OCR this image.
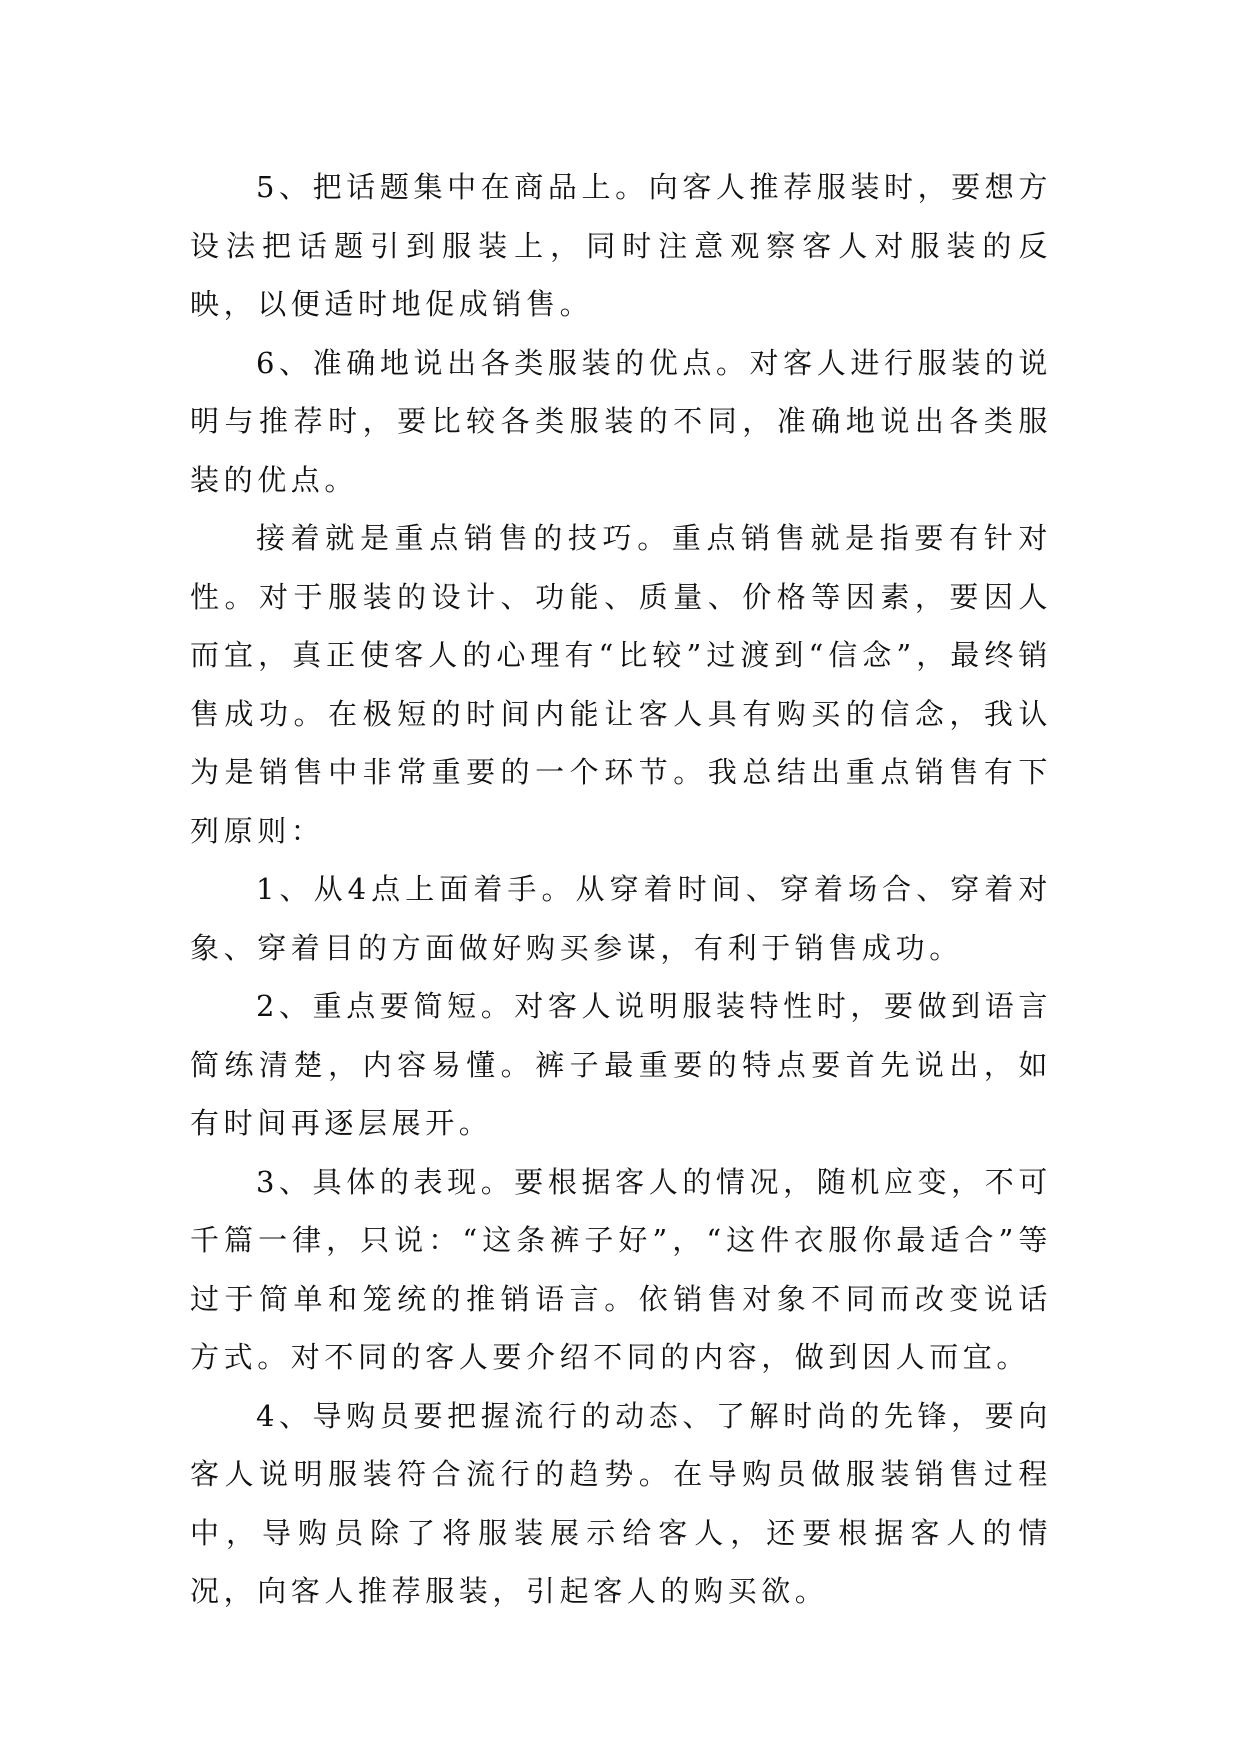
5、把话题集中在商品上。向客人推荐服装时，要想方设法把话题引到服装上，同时注意观察客人对服装的反映，以便适时地促成销售。

6、准确地说出各类服装的优点。对客人进行服装的说明与推荐时，要比较各类服装的不同，准确地说出各类服装的优点。

接着就是重点销售的技巧。重点销售就是指要有针对性。对于服装的设计、功能、质量、价格等因素，要因人而宜，真正使客人的心理有“比较”过渡到“信念”，最终销售成功。在极短的时间内能让客人具有购买的信念，我认为是销售中非常重要的一个环节。我总结出重点销售有下列原则：

1、从4点上面着手。从穿着时间、穿着场合、穿着对象、穿着目的方面做好购买参谋，有利于销售成功。

2、重点要简短。对客人说明服装特性时，要做到语言简练清楚，内容易懂。裤子最重要的特点要首先说出，如有时间再逐层展开。

3、具体的表现。要根据客人的情况，随机应变，不可千篇一律，只说：“这条裤子好”，“这件衣服你最适合”等过于简单和笼统的推销语言。依销售对象不同而改变说话方式。对不同的客人要介绍不同的内容，做到因人而宜。

4、导购员要把握流行的动态、了解时尚的先锋，要向客人说明服装符合流行的趋势。在导购员做服装销售过程中，导购员除了将服装展示给客人，还要根据客人的情况，向客人推荐服装，引起客人的购买欲。
